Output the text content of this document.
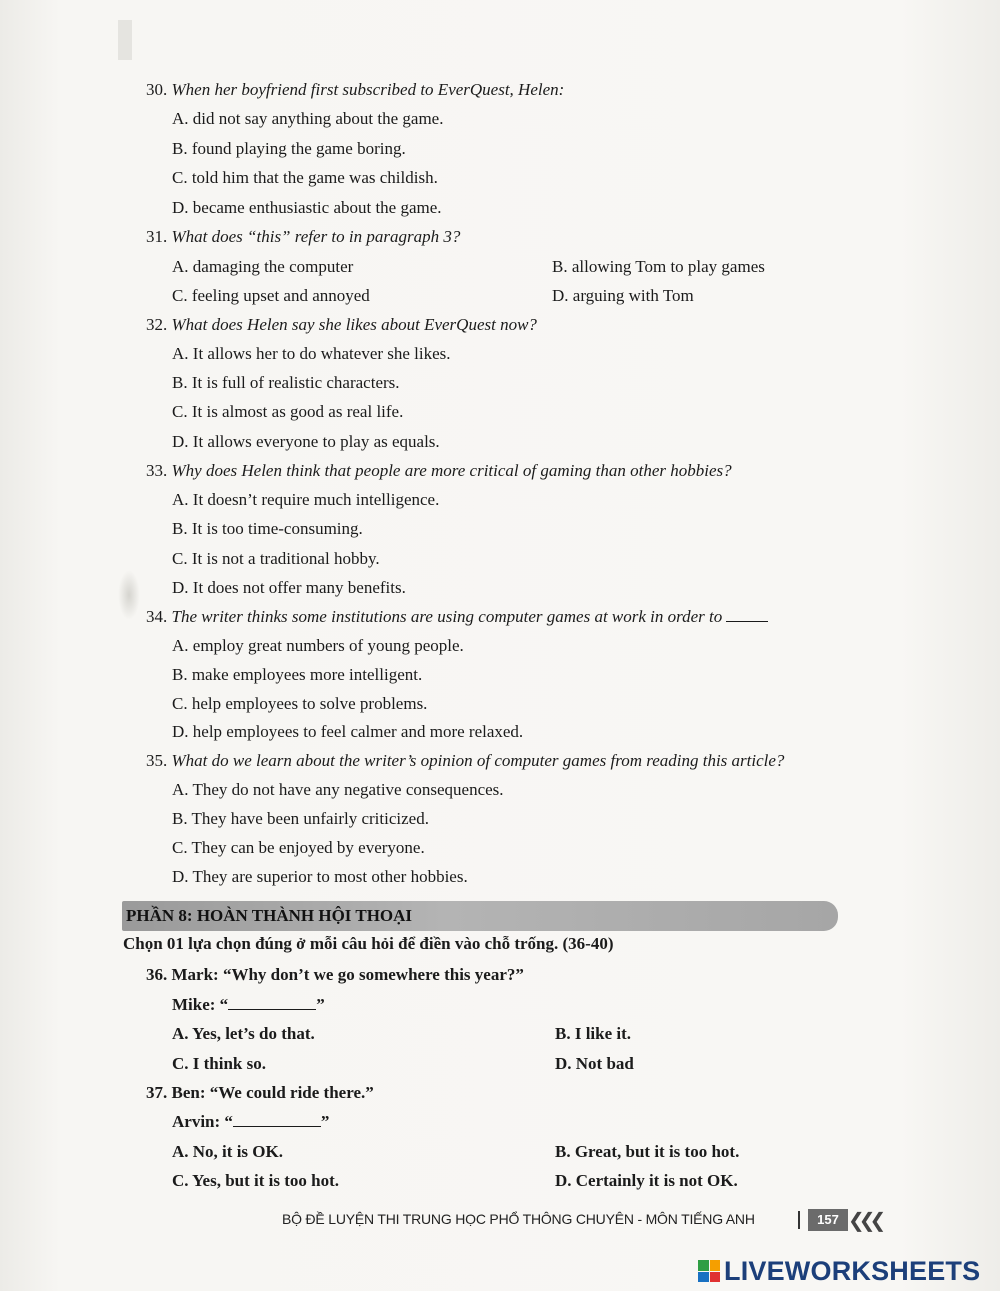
30. When her boyfriend first subscribed to EverQuest, Helen:
A. did not say anything about the game.
B. found playing the game boring.
C. told him that the game was childish.
D. became enthusiastic about the game.
31. What does “this” refer to in paragraph 3?
A. damaging the computer	B. allowing Tom to play games
C. feeling upset and annoyed	D. arguing with Tom
32. What does Helen say she likes about EverQuest now?
A. It allows her to do whatever she likes.
B. It is full of realistic characters.
C. It is almost as good as real life.
D. It allows everyone to play as equals.
33. Why does Helen think that people are more critical of gaming than other hobbies?
A. It doesn’t require much intelligence.
B. It is too time-consuming.
C. It is not a traditional hobby.
D. It does not offer many benefits.
34. The writer thinks some institutions are using computer games at work in order to
A. employ great numbers of young people.
B. make employees more intelligent.
C. help employees to solve problems.
D. help employees to feel calmer and more relaxed.
35. What do we learn about the writer’s opinion of computer games from reading this article?
A. They do not have any negative consequences.
B. They have been unfairly criticized.
C. They can be enjoyed by everyone.
D. They are superior to most other hobbies.
PHẦN 8: HOÀN THÀNH HỘI THOẠI
Chọn 01 lựa chọn đúng ở mỗi câu hỏi để điền vào chỗ trống. (36-40)
36. Mark: “Why don’t we go somewhere this year?”
Mike: “	”
A. Yes, let’s do that.	B. I like it.
C. I think so.	D. Not bad
37. Ben: “We could ride there.”
Arvin: “	”
A. No, it is OK.	B. Great, but it is too hot.
C. Yes, but it is too hot.	D. Certainly it is not OK.
BỘ ĐỀ LUYỆN THI TRUNG HỌC PHỔ THÔNG CHUYÊN - MÔN TIẾNG ANH	157 ❮❮❮
LIVEWORKSHEETS
